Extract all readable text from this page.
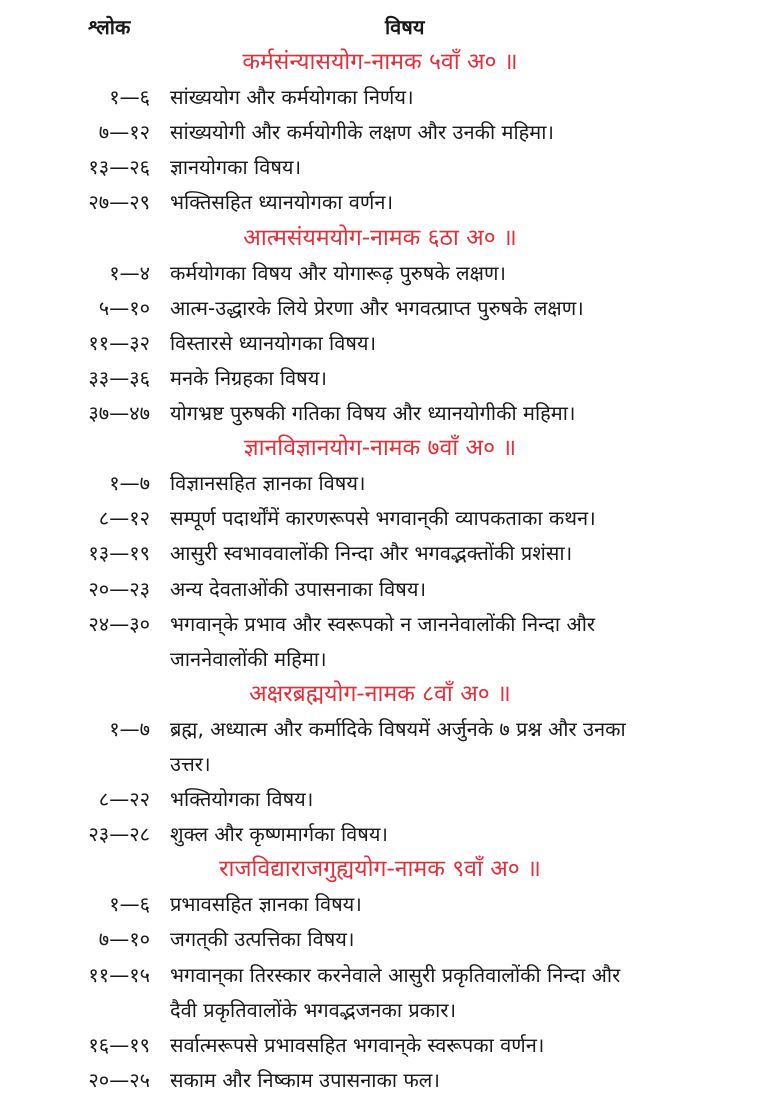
श्लोक	विषय
कर्मसंन्यासयोग-नामक ५वाँ अ० ॥
१—६ सांख्ययोग और कर्मयोगका निर्णय।
७—१२ सांख्ययोगी और कर्मयोगीके लक्षण और उनकी महिमा।
१३—२६ ज्ञानयोगका विषय।
२७—२९ भक्तिसहित ध्यानयोगका वर्णन।
आत्मसंयमयोग-नामक ६ठा अ० ॥
१—४ कर्मयोगका विषय और योगारूढ़ पुरुषके लक्षण।
५—१० आत्म-उद्धारके लिये प्रेरणा और भगवत्प्राप्त पुरुषके लक्षण।
११—३२ विस्तारसे ध्यानयोगका विषय।
३३—३६ मनके निग्रहका विषय।
३७—४७ योगभ्रष्ट पुरुषकी गतिका विषय और ध्यानयोगीकी महिमा।
ज्ञानविज्ञानयोग-नामक ७वाँ अ० ॥
१—७ विज्ञानसहित ज्ञानका विषय।
८—१२ सम्पूर्ण पदार्थोंमें कारणरूपसे भगवान्‌की व्यापकताका कथन।
१३—१९ आसुरी स्वभाववालोंकी निन्दा और भगवद्भक्तोंकी प्रशंसा।
२०—२३ अन्य देवताओंकी उपासनाका विषय।
२४—३० भगवान्‌के प्रभाव और स्वरूपको न जाननेवालोंकी निन्दा और
जाननेवालोंकी महिमा।
अक्षरब्रह्मयोग-नामक ८वाँ अ० ॥
१—७ ब्रह्म, अध्यात्म और कर्मादिके विषयमें अर्जुनके ७ प्रश्न और उनका
उत्तर।
८—२२ भक्तियोगका विषय।
२३—२८ शुक्ल और कृष्णमार्गका विषय।
राजविद्याराजगुह्ययोग-नामक ९वाँ अ० ॥
१—६ प्रभावसहित ज्ञानका विषय।
७—१० जगत्‌की उत्पत्तिका विषय।
११—१५ भगवान्‌का तिरस्कार करनेवाले आसुरी प्रकृतिवालोंकी निन्दा और
दैवी प्रकृतिवालोंके भगवद्भजनका प्रकार।
१६—१९ सर्वात्मरूपसे प्रभावसहित भगवान्‌के स्वरूपका वर्णन।
२०—२५ सकाम और निष्काम उपासनाका फल।
